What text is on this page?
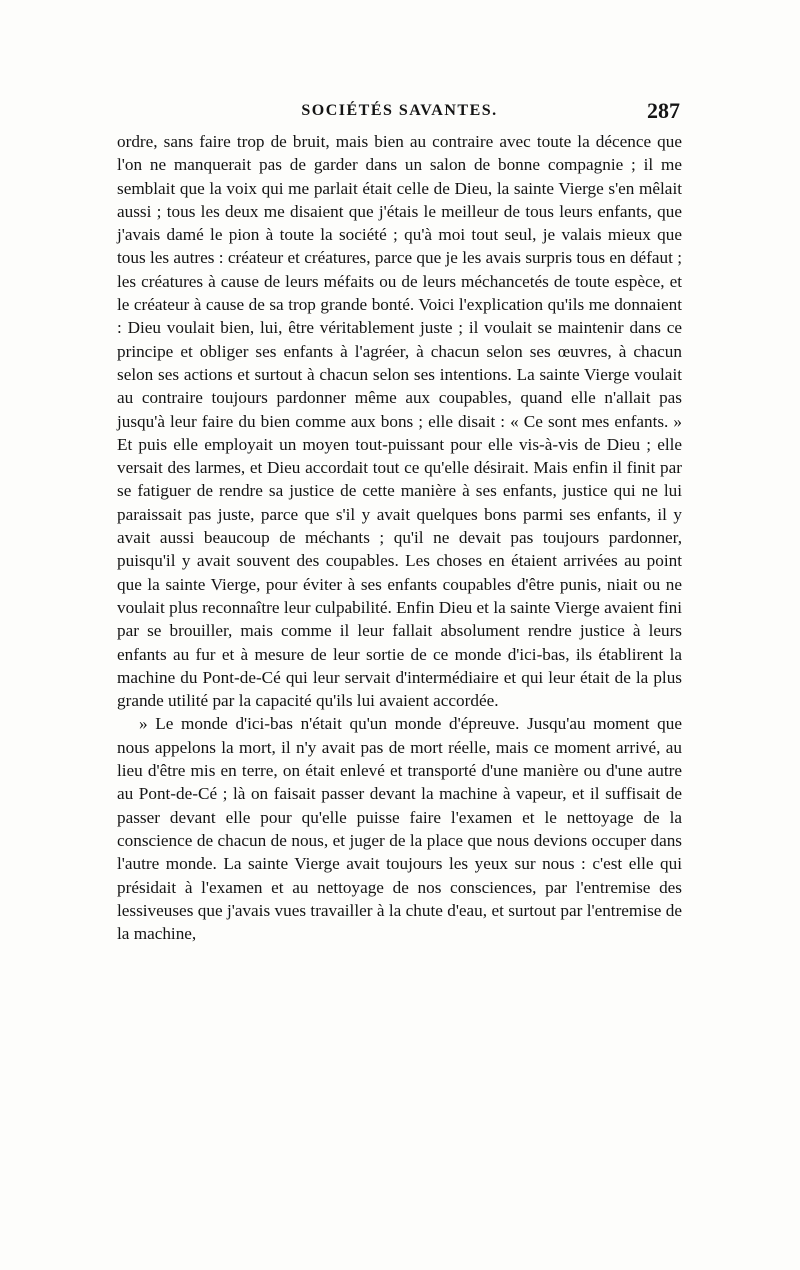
SOCIÉTÉS SAVANTES.	287

ordre, sans faire trop de bruit, mais bien au contraire avec toute la décence que l'on ne manquerait pas de garder dans un salon de bonne compagnie ; il me semblait que la voix qui me parlait était celle de Dieu, la sainte Vierge s'en mêlait aussi ; tous les deux me disaient que j'étais le meilleur de tous leurs enfants, que j'avais damé le pion à toute la société ; qu'à moi tout seul, je valais mieux que tous les autres : créateur et créatures, parce que je les avais surpris tous en défaut ; les créatures à cause de leurs méfaits ou de leurs méchancetés de toute espèce, et le créateur à cause de sa trop grande bonté. Voici l'explication qu'ils me donnaient : Dieu voulait bien, lui, être véritablement juste ; il voulait se maintenir dans ce principe et obliger ses enfants à l'agréer, à chacun selon ses œuvres, à chacun selon ses actions et surtout à chacun selon ses intentions. La sainte Vierge voulait au contraire toujours pardonner même aux coupables, quand elle n'allait pas jusqu'à leur faire du bien comme aux bons ; elle disait : « Ce sont mes enfants. » Et puis elle employait un moyen tout-puissant pour elle vis-à-vis de Dieu ; elle versait des larmes, et Dieu accordait tout ce qu'elle désirait. Mais enfin il finit par se fatiguer de rendre sa justice de cette manière à ses enfants, justice qui ne lui paraissait pas juste, parce que s'il y avait quelques bons parmi ses enfants, il y avait aussi beaucoup de méchants ; qu'il ne devait pas toujours pardonner, puisqu'il y avait souvent des coupables. Les choses en étaient arrivées au point que la sainte Vierge, pour éviter à ses enfants coupables d'être punis, niait ou ne voulait plus reconnaître leur culpabilité. Enfin Dieu et la sainte Vierge avaient fini par se brouiller, mais comme il leur fallait absolument rendre justice à leurs enfants au fur et à mesure de leur sortie de ce monde d'ici-bas, ils établirent la machine du Pont-de-Cé qui leur servait d'intermédiaire et qui leur était de la plus grande utilité par la capacité qu'ils lui avaient accordée.

» Le monde d'ici-bas n'était qu'un monde d'épreuve. Jusqu'au moment que nous appelons la mort, il n'y avait pas de mort réelle, mais ce moment arrivé, au lieu d'être mis en terre, on était enlevé et transporté d'une manière ou d'une autre au Pont-de-Cé ; là on faisait passer devant la machine à vapeur, et il suffisait de passer devant elle pour qu'elle puisse faire l'examen et le nettoyage de la conscience de chacun de nous, et juger de la place que nous devions occuper dans l'autre monde. La sainte Vierge avait toujours les yeux sur nous : c'est elle qui présidait à l'examen et au nettoyage de nos consciences, par l'entremise des lessiveuses que j'avais vues travailler à la chute d'eau, et surtout par l'entremise de la machine,
